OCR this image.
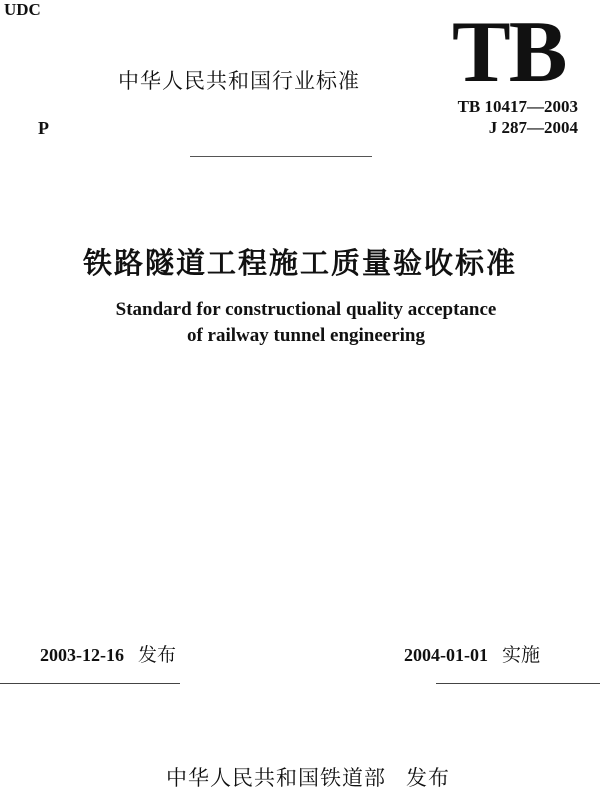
UDC
P
中华人民共和国行业标准 TB
TB 10417—2003
J 287—2004
铁路隧道工程施工质量验收标准
Standard for constructional quality acceptance
of railway tunnel engineering
2003-12-16 发布	2004-01-01 实施
中华人民共和国铁道部 发布
